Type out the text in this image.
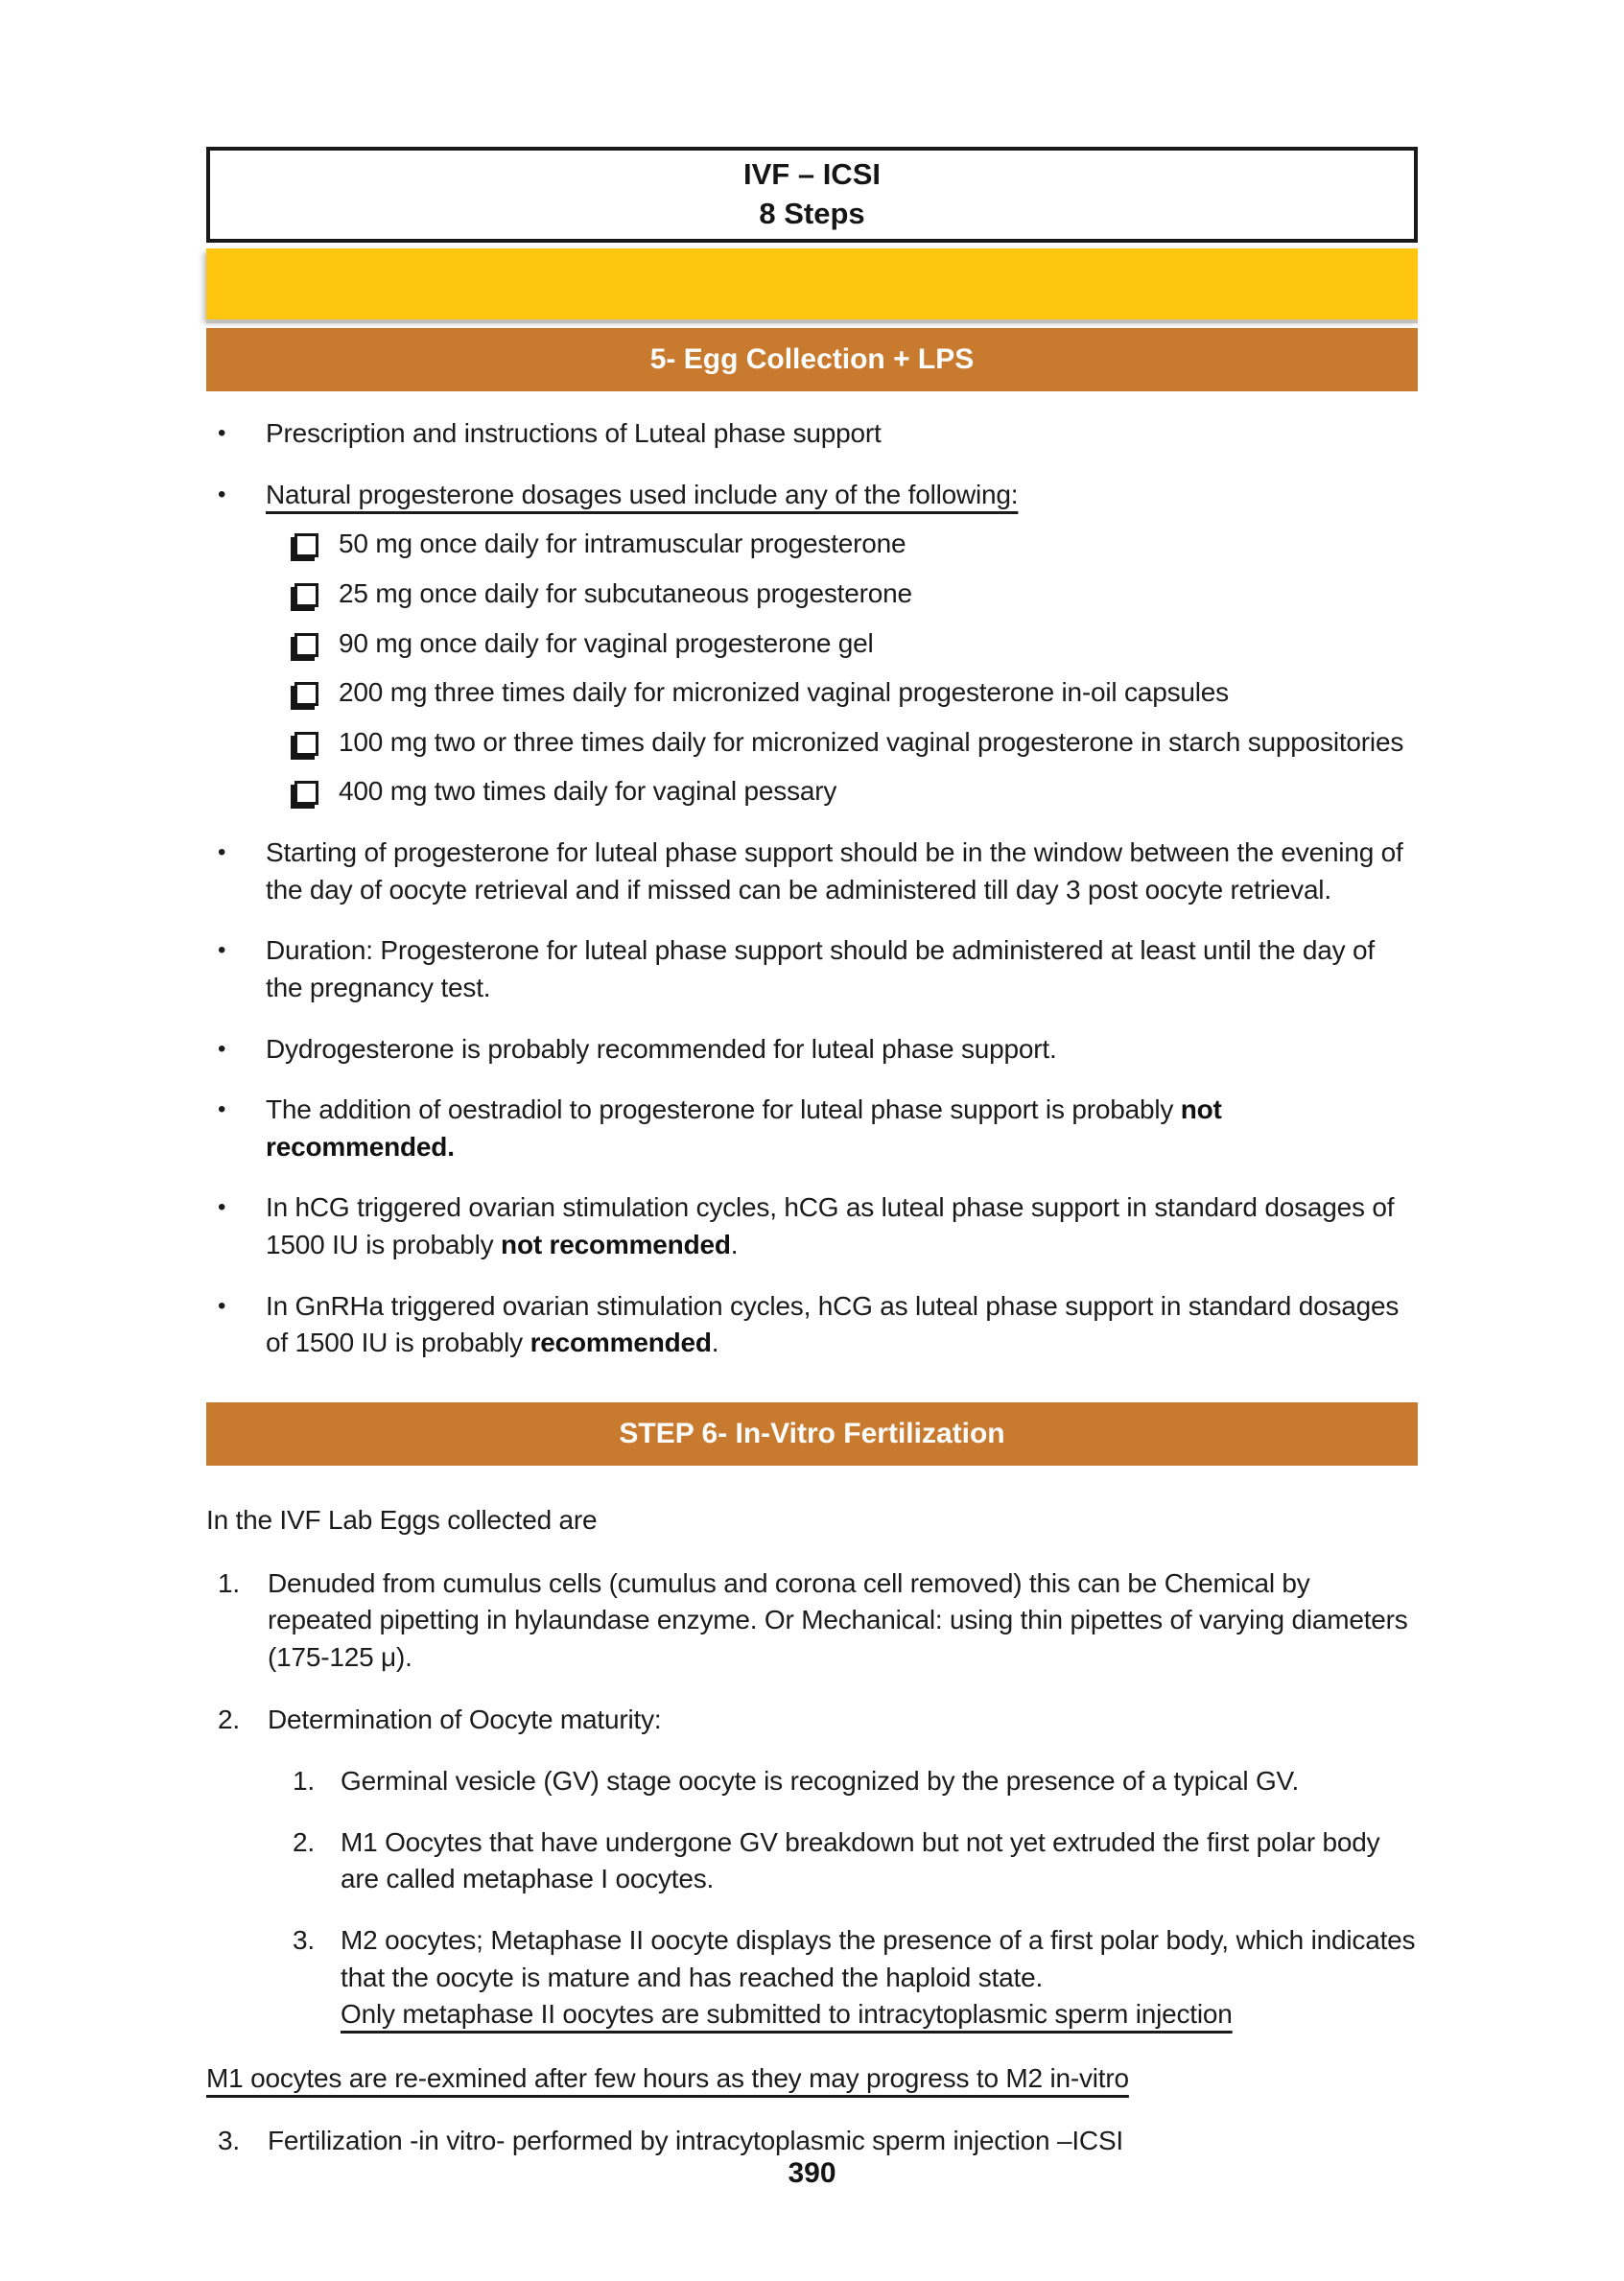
IVF – ICSI
8 Steps
5- Egg Collection + LPS
•	Prescription and instructions of Luteal phase support
•	Natural progesterone dosages used include any of the following:
50 mg once daily for intramuscular progesterone
25 mg once daily for subcutaneous progesterone
90 mg once daily for vaginal progesterone gel
200 mg three times daily for micronized vaginal progesterone in-oil capsules
100 mg two or three times daily for micronized vaginal progesterone in starch suppositories
400 mg two times daily for vaginal pessary
•	Starting of progesterone for luteal phase support should be in the window between the evening of the day of oocyte retrieval and if missed can be administered till day 3 post oocyte retrieval.
•	Duration: Progesterone for luteal phase support should be administered at least until the day of the pregnancy test.
•	Dydrogesterone is probably recommended for luteal phase support.
•	The addition of oestradiol to progesterone for luteal phase support is probably not recommended.
•	In hCG triggered ovarian stimulation cycles, hCG as luteal phase support in standard dosages of 1500 IU is probably not recommended.
•	In GnRHa triggered ovarian stimulation cycles, hCG as luteal phase support in standard dosages of 1500 IU is probably recommended.
STEP 6- In-Vitro Fertilization
In the IVF Lab Eggs collected are
1.	Denuded from cumulus cells (cumulus and corona cell removed) this can be Chemical by repeated pipetting in hylaundase enzyme. Or Mechanical: using thin pipettes of varying diameters (175-125 μ).
2.	Determination of Oocyte maturity:
1. Germinal vesicle (GV) stage oocyte is recognized by the presence of a typical GV.
2. M1 Oocytes that have undergone GV breakdown but not yet extruded the first polar body are called metaphase I oocytes.
3. M2 oocytes; Metaphase II oocyte displays the presence of a first polar body, which indicates that the oocyte is mature and has reached the haploid state.
Only metaphase II oocytes are submitted to intracytoplasmic sperm injection
M1 oocytes are re-exmined after few hours as they may progress to M2 in-vitro
3.	Fertilization -in vitro- performed by intracytoplasmic sperm injection –ICSI
390
